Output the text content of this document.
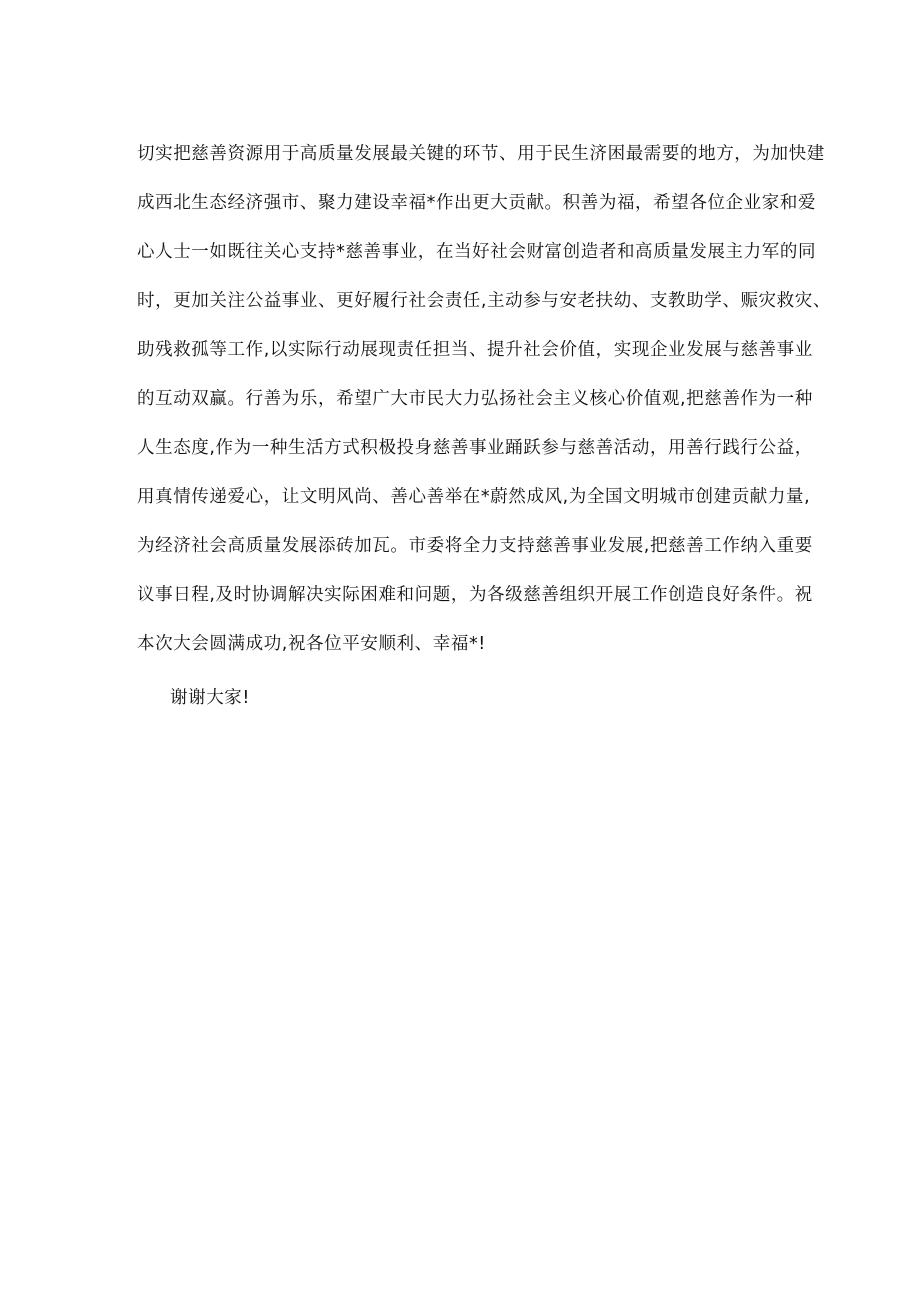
切实把慈善资源用于高质量发展最关键的环节、用于民生济困最需要的地方，为加快建
成西北生态经济强市、聚力建设幸福*作出更大贡献。积善为福，希望各位企业家和爱
心人士一如既往关心支持*慈善事业，在当好社会财富创造者和高质量发展主力军的同
时，更加关注公益事业、更好履行社会责任,主动参与安老扶幼、支教助学、赈灾救灾、
助残救孤等工作,以实际行动展现责任担当、提升社会价值，实现企业发展与慈善事业
的互动双赢。行善为乐，希望广大市民大力弘扬社会主义核心价值观,把慈善作为一种
人生态度,作为一种生活方式积极投身慈善事业踊跃参与慈善活动，用善行践行公益，
用真情传递爱心，让文明风尚、善心善举在*蔚然成风,为全国文明城市创建贡献力量,
为经济社会高质量发展添砖加瓦。市委将全力支持慈善事业发展,把慈善工作纳入重要
议事日程,及时协调解决实际困难和问题，为各级慈善组织开展工作创造良好条件。祝
本次大会圆满成功,祝各位平安顺利、幸福*!
谢谢大家!
